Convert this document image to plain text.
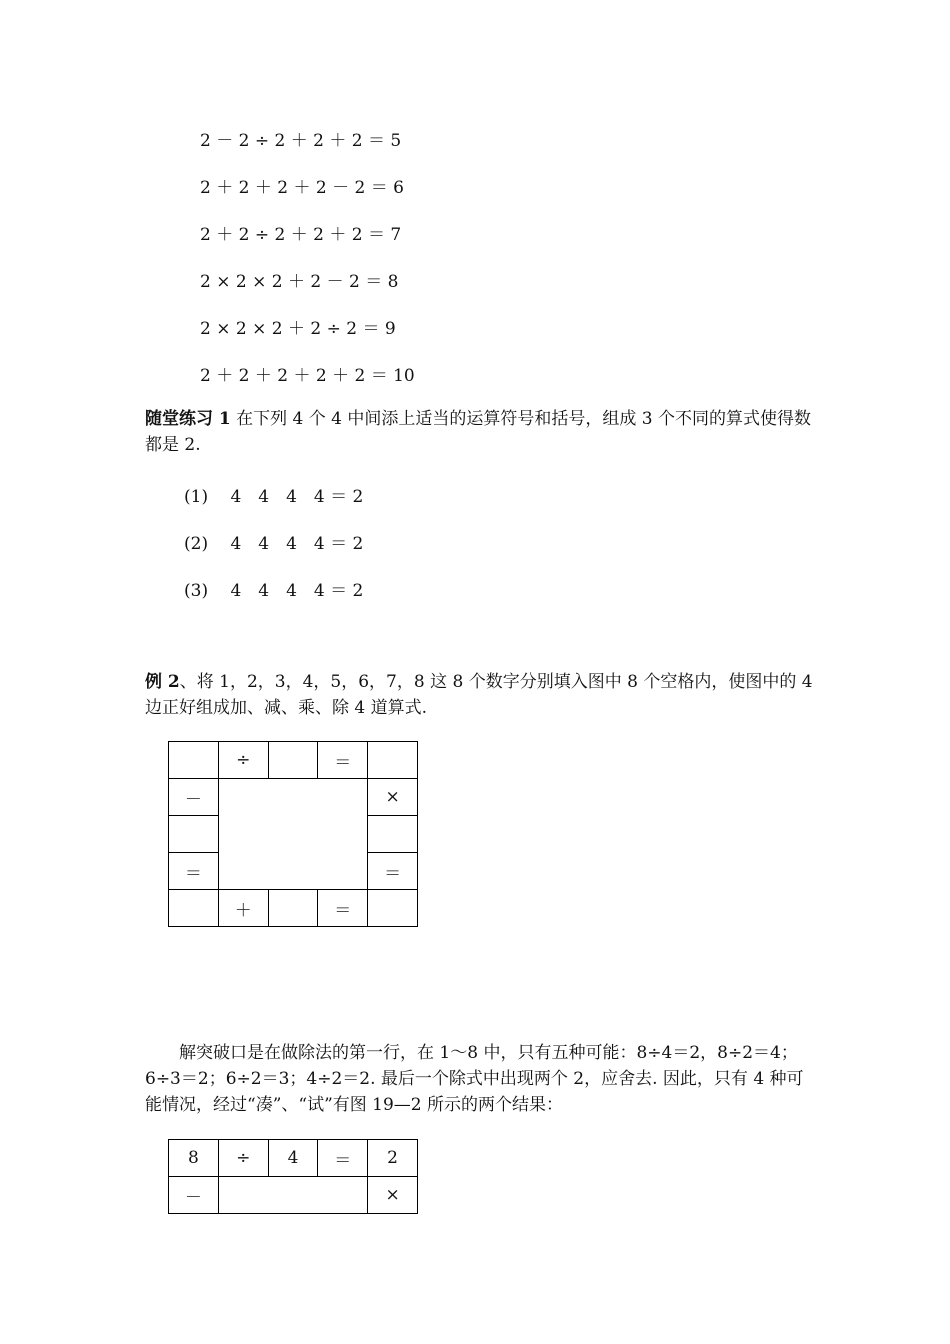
2 － 2 ÷ 2 ＋ 2 ＋ 2 ＝ 5
2 ＋ 2 ＋ 2 ＋ 2 － 2 ＝ 6
2 ＋ 2 ÷ 2 ＋ 2 ＋ 2 ＝ 7
2 × 2 × 2 ＋ 2 － 2 ＝ 8
2 × 2 × 2 ＋ 2 ÷ 2 ＝ 9
2 ＋ 2 ＋ 2 ＋ 2 ＋ 2 ＝ 10
随堂练习 1 在下列 4 个 4 中间添上适当的运算符号和括号，组成 3 个不同的算式使得数都是 2.
(1)　 4　4　4　4 ＝ 2
(2)　 4　4　4　4 ＝ 2
(3)　 4　4　4　4 ＝ 2
例 2、将 1，2，3，4，5，6，7，8 这 8 个数字分别填入图中 8 个空格内，使图中的 4 边正好组成加、减、乘、除 4 道算式.
	÷		＝	
－				×

＝				＝
	＋		＝	
解突破口是在做除法的第一行，在 1～8 中，只有五种可能：8÷4＝2，8÷2＝4；6÷3＝2；6÷2＝3；4÷2＝2. 最后一个除式中出现两个 2，应舍去. 因此，只有 4 种可能情况，经过“凑”、“试”有图 19—2 所示的两个结果：
8	÷	4	＝	2
－				×
